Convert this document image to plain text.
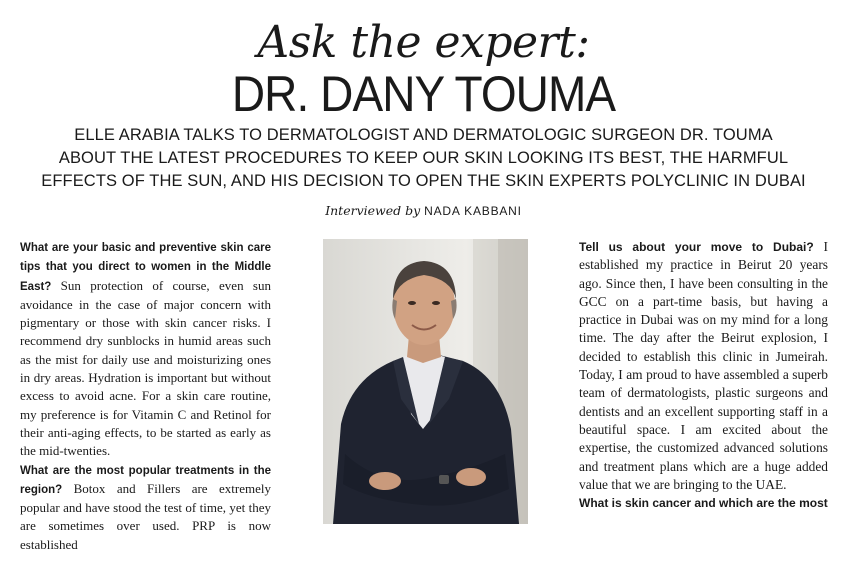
Ask the expert:
DR. DANY TOUMA
ELLE ARABIA TALKS TO DERMATOLOGIST AND DERMATOLOGIC SURGEON DR. TOUMA
ABOUT THE LATEST PROCEDURES TO KEEP OUR SKIN LOOKING ITS BEST, THE HARMFUL
EFFECTS OF THE SUN, AND HIS DECISION TO OPEN THE SKIN EXPERTS POLYCLINIC IN DUBAI
Interviewed by NADA KABBANI

What are your basic and preventive skin care tips that you direct to women in the Middle East? Sun protection of course, even sun avoidance in the case of major concern with pigmentary or those with skin cancer risks. I recommend dry sunblocks in humid areas such as the mist for daily use and moisturizing ones in dry areas. Hydration is important but without excess to avoid acne. For a skin care routine, my preference is for Vitamin C and Retinol for their anti-aging effects, to be started as early as the mid-twenties.

What are the most popular treatments in the region? Botox and Fillers are extremely popular and have stood the test of time, yet they are sometimes over used. PRP is now established

Tell us about your move to Dubai? I established my practice in Beirut 20 years ago. Since then, I have been consulting in the GCC on a part-time basis, but having a practice in Dubai was on my mind for a long time. The day after the Beirut explosion, I decided to establish this clinic in Jumeirah. Today, I am proud to have assembled a superb team of dermatologists, plastic surgeons and dentists and an excellent supporting staff in a beautiful space. I am excited about the expertise, the customized advanced solutions and treatment plans which are a huge added value that we are bringing to the UAE.

What is skin cancer and which are the most
